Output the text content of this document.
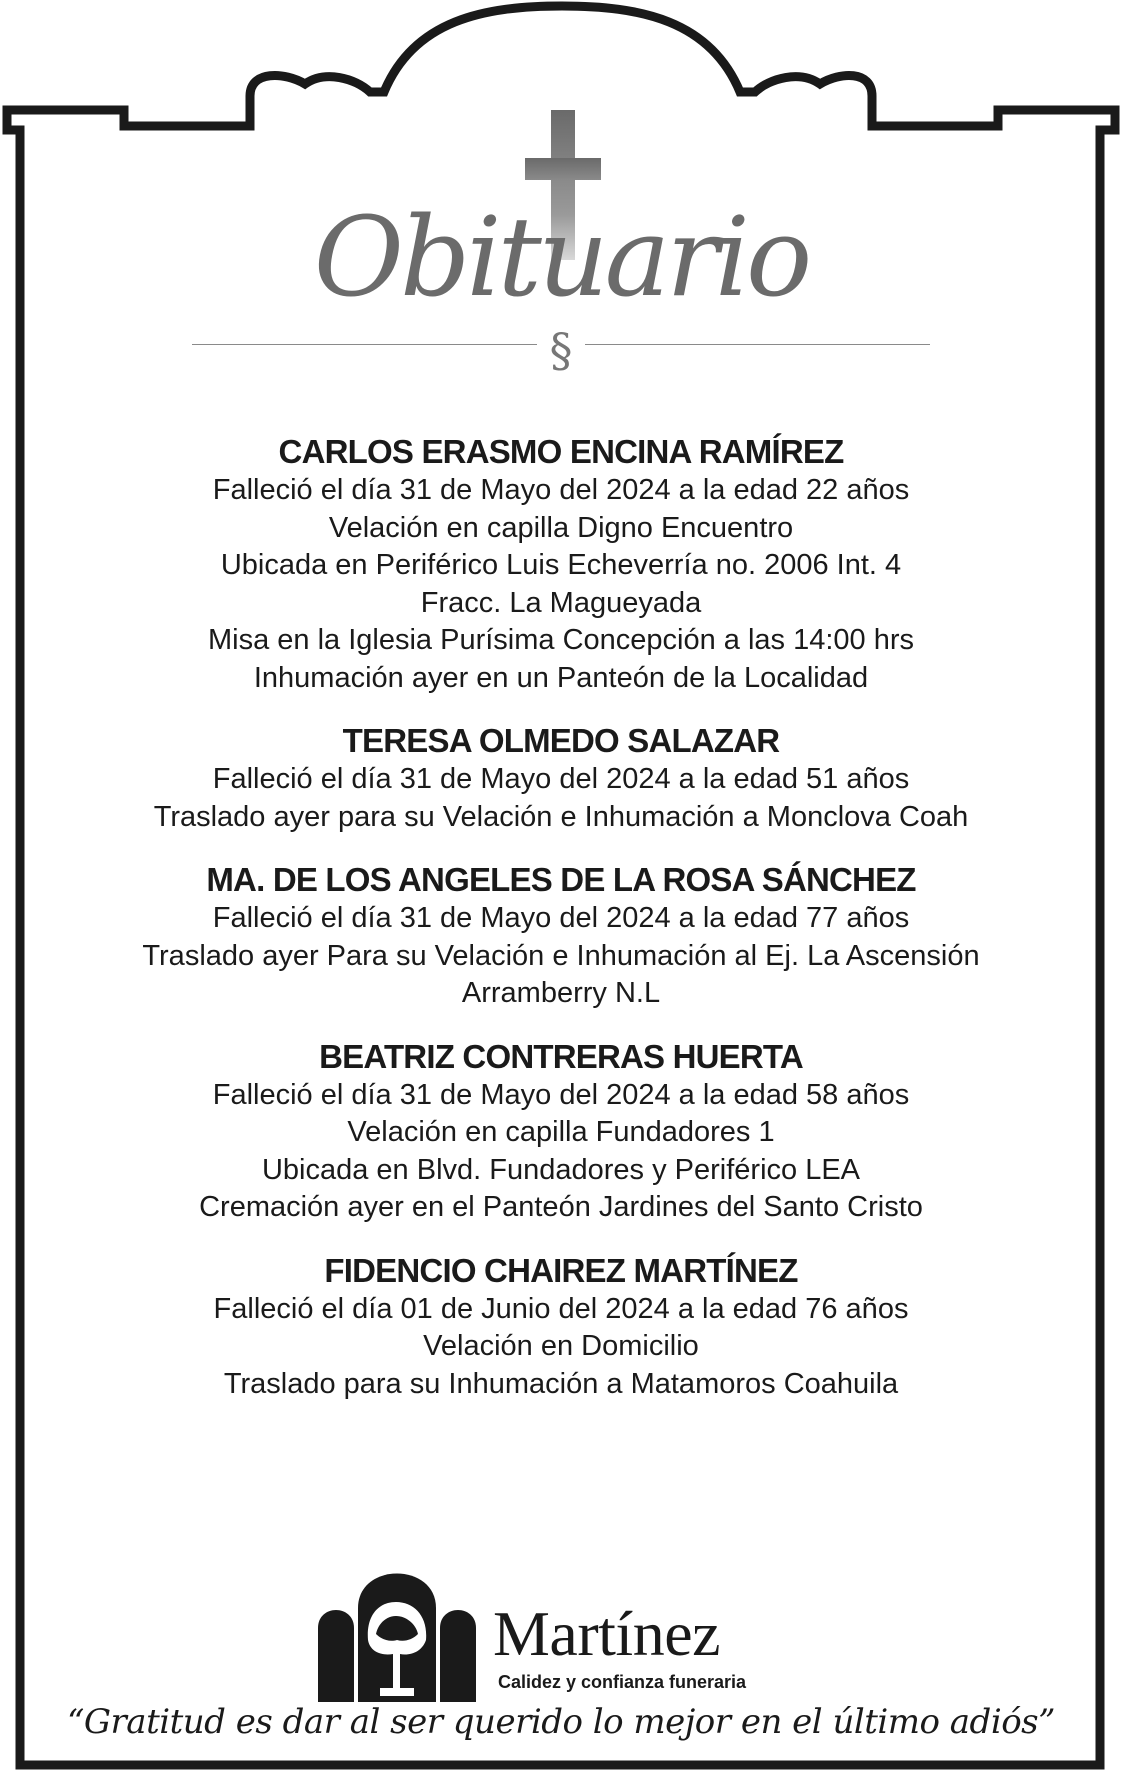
Obituario
§
CARLOS ERASMO ENCINA RAMÍREZ
Falleció el día 31 de Mayo del 2024 a la edad 22 años
Velación en capilla Digno Encuentro
Ubicada en Periférico Luis Echeverría no. 2006 Int. 4
Fracc. La Magueyada
Misa en la Iglesia Purísima Concepción a las 14:00 hrs
Inhumación ayer en un Panteón de la Localidad
TERESA OLMEDO SALAZAR
Falleció el día 31 de Mayo del 2024 a la edad 51 años
Traslado ayer para su Velación e Inhumación a Monclova Coah
MA. DE LOS ANGELES DE LA ROSA SÁNCHEZ
Falleció el día 31 de Mayo del 2024 a la edad 77 años
Traslado ayer Para su Velación e Inhumación al Ej. La Ascensión
Arramberry N.L
BEATRIZ CONTRERAS HUERTA
Falleció el día 31 de Mayo del 2024 a la edad 58 años
Velación en capilla Fundadores 1
Ubicada en Blvd. Fundadores y Periférico LEA
Cremación ayer en el Panteón Jardines del Santo Cristo
FIDENCIO CHAIREZ MARTÍNEZ
Falleció el día 01 de Junio del 2024 a la edad 76 años
Velación en Domicilio
Traslado para su Inhumación a Matamoros Coahuila
Martínez
Calidez y confianza funeraria
“Gratitud es dar al ser querido lo mejor en el último adiós”
